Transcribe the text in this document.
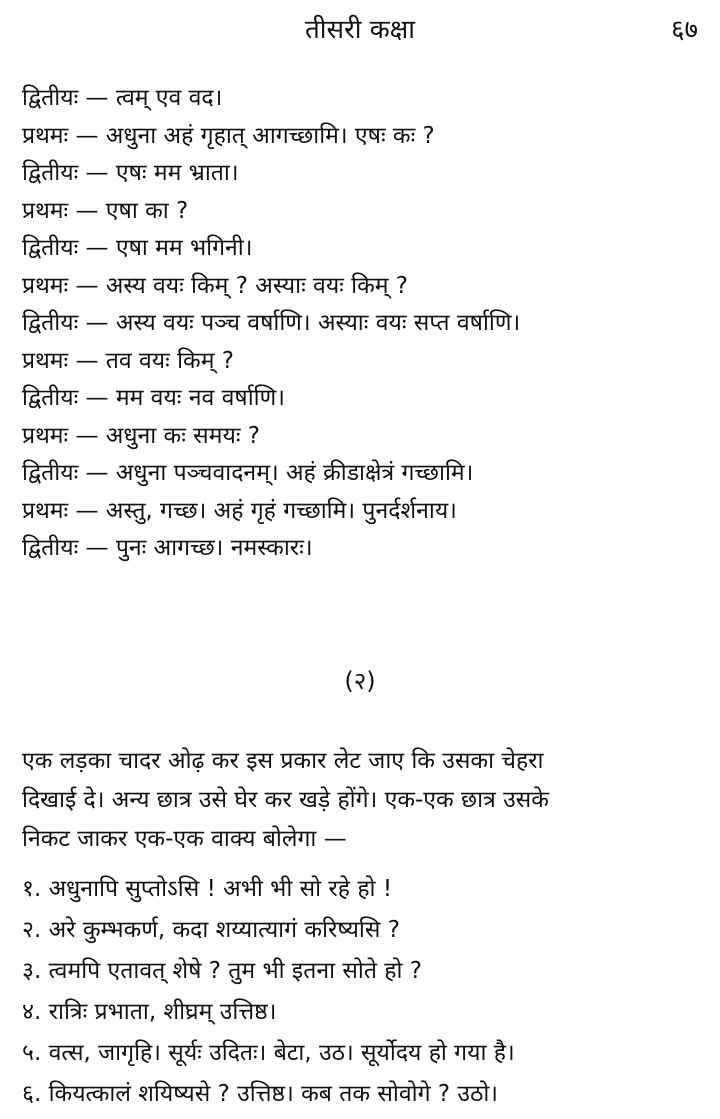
तीसरी कक्षा	६७
द्वितीयः — त्वम् एव वद।
प्रथमः — अधुना अहं गृहात् आगच्छामि। एषः कः ?
द्वितीयः — एषः मम भ्राता।
प्रथमः — एषा का ?
द्वितीयः — एषा मम भगिनी।
प्रथमः — अस्य वयः किम् ? अस्याः वयः किम् ?
द्वितीयः — अस्य वयः पञ्च वर्षाणि। अस्याः वयः सप्त वर्षाणि।
प्रथमः — तव वयः किम् ?
द्वितीयः — मम वयः नव वर्षाणि।
प्रथमः — अधुना कः समयः ?
द्वितीयः — अधुना पञ्चवादनम्। अहं क्रीडाक्षेत्रं गच्छामि।
प्रथमः — अस्तु, गच्छ। अहं गृहं गच्छामि। पुनर्दर्शनाय।
द्वितीयः — पुनः आगच्छ। नमस्कारः।
(२)
एक लड़का चादर ओढ़ कर इस प्रकार लेट जाए कि उसका चेहरा
दिखाई दे। अन्य छात्र उसे घेर कर खड़े होंगे। एक-एक छात्र उसके
निकट जाकर एक-एक वाक्य बोलेगा —
१. अधुनापि सुप्तोऽसि ! अभी भी सो रहे हो !
२. अरे कुम्भकर्ण, कदा शय्यात्यागं करिष्यसि ?
३. त्वमपि एतावत् शेषे ? तुम भी इतना सोते हो ?
४. रात्रिः प्रभाता, शीघ्रम् उत्तिष्ठ।
५. वत्स, जागृहि। सूर्यः उदितः। बेटा, उठ। सूर्योदय हो गया है।
६. कियत्कालं शयिष्यसे ? उत्तिष्ठ। कब तक सोवोगे ? उठो।
